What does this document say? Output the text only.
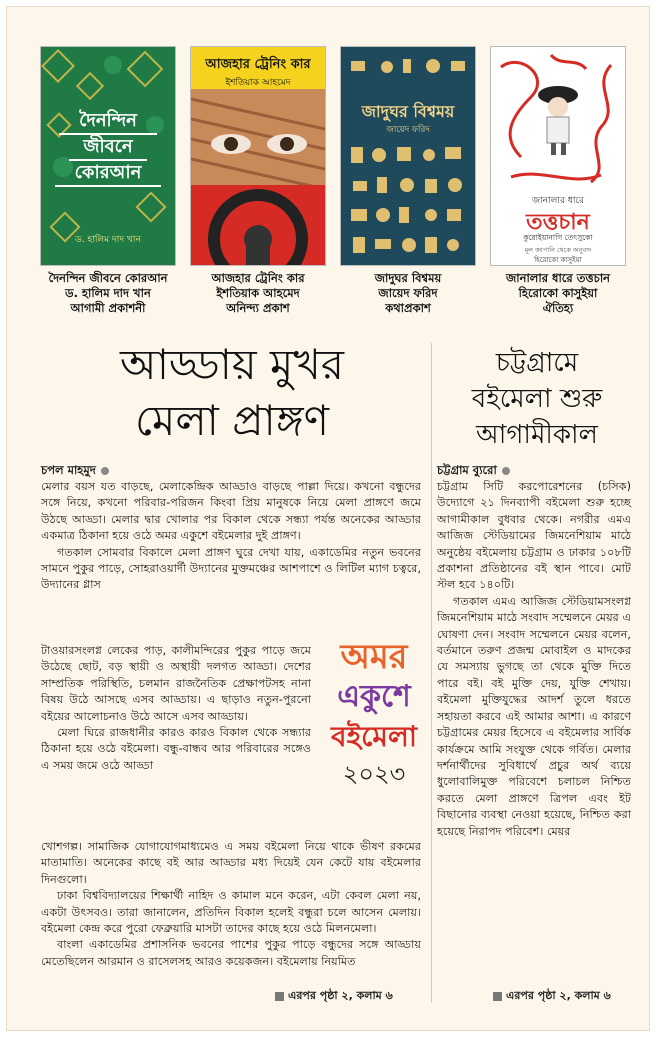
দৈনন্দিন
জীবনে
কোরআন
ড. হালিম দাদ খান
আজহার ট্রেনিং কার
ইশতিয়াক আহমেদ
জাদুঘর বিশ্বময়
জায়েদ ফরিদ
জানালার ধারে
তত্তচান
কুরোইয়ানাগি তেৎসুকো
মূল জাপানি থেকে অনুবাদ
হিরোকো কাসুইয়া
দৈনন্দিন জীবনে কোরআন
ড. হালিম দাদ খান
আগামী প্রকাশনী
আজহার ট্রেনিং কার
ইশতিয়াক আহমেদ
অনিন্দ্য প্রকাশ
জাদুঘর বিশ্বময়
জায়েদ ফরিদ
কথাপ্রকাশ
জানালার ধারে তত্তচান
হিরোকো কাসুইয়া
ঐতিহ্য
আড্ডায় মুখর
মেলা প্রাঙ্গণ
চট্টগ্রামে
বইমেলা শুরু
আগামীকাল
চপল মাহমুদ

মেলার বয়স যত বাড়ছে, মেলাকেন্দ্রিক আড্ডাও বাড়ছে পাল্লা দিয়ে। কখনো বন্ধুদের সঙ্গে নিয়ে, কখনো পরিবার-পরিজন কিংবা প্রিয় মানুষকে নিয়ে মেলা প্রাঙ্গণে জমে উঠছে আড্ডা। মেলার দ্বার খোলার পর বিকাল থেকে সন্ধ্যা পর্যন্ত অনেকের আড্ডার একমাত্র ঠিকানা হয়ে ওঠে অমর একুশে বইমেলার দুই প্রাঙ্গণ।

গতকাল সোমবার বিকালে মেলা প্রাঙ্গণ ঘুরে দেখা যায়, একাডেমির নতুন ভবনের সামনে পুকুর পাড়ে, সোহরাওয়ার্দী উদ্যানের মুক্তমঞ্চের আশপাশে ও লিটিল ম্যাগ চত্বরে, উদ্যানের গ্লাস

টাওয়ারসংলগ্ন লেকের পাড়, কালীমন্দিরের পুকুর পাড়ে জমে উঠেছে ছোট, বড় স্থায়ী ও অস্থায়ী দলগত আড্ডা। দেশের সাম্প্রতিক পরিস্থিতি, চলমান রাজনৈতিক প্রেক্ষাপটসহ নানা বিষয় উঠে আসছে এসব আড্ডায়। এ ছাড়াও নতুন-পুরনো বইয়ের আলোচনাও উঠে আসে এসব আড্ডায়।

মেলা ঘিরে রাজধানীর কারও কারও বিকাল থেকে সন্ধ্যার ঠিকানা হয়ে ওঠে বইমেলা। বন্ধু-বান্ধব আর পরিবারের সঙ্গেও এ সময় জমে ওঠে আড্ডা

অমর
একুশে
বইমেলা
২০২৩

খোশগল্প। সামাজিক যোগাযোগমাধ্যমেও এ সময় বইমেলা নিয়ে থাকে ভীষণ রকমের মাতামাতি। অনেকের কাছে বই আর আড্ডার মধ্য দিয়েই যেন কেটে যায় বইমেলার দিনগুলো।

ঢাকা বিশ্ববিদ্যালয়ের শিক্ষার্থী নাহিদ ও কামাল মনে করেন, এটা কেবল মেলা নয়, একটা উৎসবও। তারা জানালেন, প্রতিদিন বিকাল হলেই বন্ধুরা চলে আসেন মেলায়। বইমেলা কেন্দ্র করে পুরো ফেব্রুয়ারি মাসটা তাদের কাছে হয়ে ওঠে মিলনমেলা।

বাংলা একাডেমির প্রশাসনিক ভবনের পাশের পুকুর পাড়ে বন্ধুদের সঙ্গে আড্ডায় মেতেছিলেন আরমান ও রাসেলসহ আরও কয়েকজন। বইমেলায় নিয়মিত

এরপর পৃষ্ঠা ২, কলাম ৬
চট্টগ্রাম ব্যুরো

চট্টগ্রাম সিটি করপোরেশনের (চসিক) উদ্যোগে ২১ দিনব্যাপী বইমেলা শুরু হচ্ছে আগামীকাল বুধবার থেকে। নগরীর এমএ আজিজ স্টেডিয়ামের জিমনেশিয়াম মাঠে অনুষ্ঠেয় বইমেলায় চট্টগ্রাম ও ঢাকার ১০৮টি প্রকাশনা প্রতিষ্ঠানের বই স্থান পাবে। মোট স্টল হবে ১৪০টি।

গতকাল এমএ আজিজ স্টেডিয়ামসংলগ্ন জিমনেশিয়াম মাঠে সংবাদ সম্মেলনে মেয়র এ ঘোষণা দেন। সংবাদ সম্মেলনে মেয়র বলেন, বর্তমানে তরুণ প্রজন্ম মোবাইল ও মাদকের যে সমস্যায় ভুগছে তা থেকে মুক্তি দিতে পারে বই। বই মুক্তি দেয়, যুক্তি শেখায়। বইমেলা মুক্তিযুদ্ধের আদর্শ তুলে ধরতে সহায়তা করবে এই আমার আশা। এ কারণে চট্টগ্রামের মেয়র হিসেবে এ বইমেলার সার্বিক কার্যক্রমে আমি সংযুক্ত থেকে গর্বিত। মেলার দর্শনার্থীদের সুবিধার্থে প্রচুর অর্থ ব্যয়ে ধুলোবালিমুক্ত পরিবেশে চলাচল নিশ্চিত করতে মেলা প্রাঙ্গণে ত্রিপল এবং ইট বিছানোর ব্যবস্থা নেওয়া হয়েছে, নিশ্চিত করা হয়েছে নিরাপদ পরিবেশ। মেয়র

এরপর পৃষ্ঠা ২, কলাম ৬
